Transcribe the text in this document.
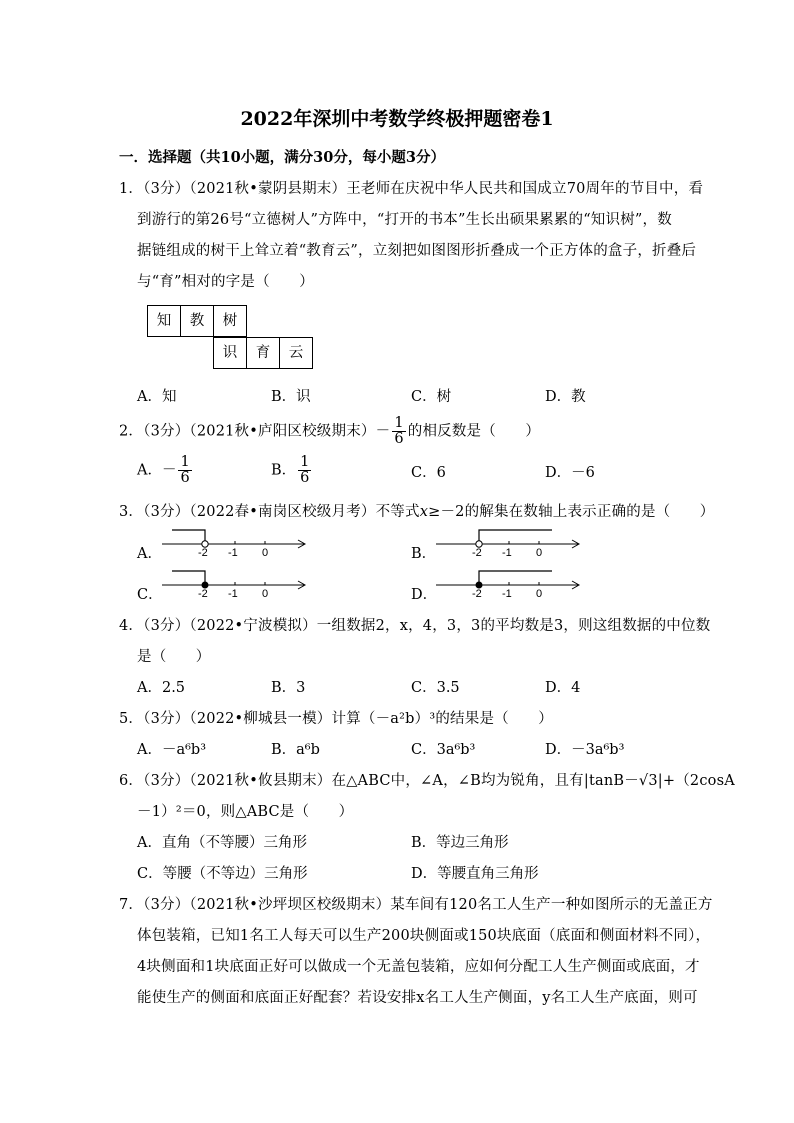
2022年深圳中考数学终极押题密卷1
一．选择题（共10小题，满分30分，每小题3分）
1．（3分）（2021秋•蒙阴县期末）王老师在庆祝中华人民共和国成立70周年的节目中，看
到游行的第26号“立德树人”方阵中，“打开的书本”生长出硕果累累的“知识树”，数
据链组成的树干上耸立着“教育云”，立刻把如图图形折叠成一个正方体的盒子，折叠后
与“育”相对的字是（　　）
知	教	树
识	育	云
A．知	B．识	C．树	D．教
2．（3分）（2021秋•庐阳区校级期末）－ $\frac{1}{6}$ 的相反数是（　　）
A．－ $\frac{1}{6}$	B． $\frac{1}{6}$	C．6	D．－6
3．（3分）（2022春•南岗区校级月考）不等式x≥－2的解集在数轴上表示正确的是（　　）
A．	B．
C．	D．
-2 -1 0	-2 -1 0
-2 -1 0	-2 -1 0
4．（3分）（2022•宁波模拟）一组数据2，x，4，3，3的平均数是3，则这组数据的中位数
是（　　）
A．2.5	B．3	C．3.5	D．4
5．（3分）（2022•柳城县一模）计算（－a²b）³的结果是（　　）
A．－a⁶b³	B．a⁶b	C．3a⁶b³	D．－3a⁶b³
6．（3分）（2021秋•攸县期末）在△ABC中，∠A，∠B均为锐角，且有|tanB－√3|+（2cosA
－1）²＝0，则△ABC是（　　）
A．直角（不等腰）三角形	B．等边三角形
C．等腰（不等边）三角形	D．等腰直角三角形
7．（3分）（2021秋•沙坪坝区校级期末）某车间有120名工人生产一种如图所示的无盖正方
体包装箱，已知1名工人每天可以生产200块侧面或150块底面（底面和侧面材料不同），
4块侧面和1块底面正好可以做成一个无盖包装箱，应如何分配工人生产侧面或底面，才
能使生产的侧面和底面正好配套？若设安排x名工人生产侧面，y名工人生产底面，则可
